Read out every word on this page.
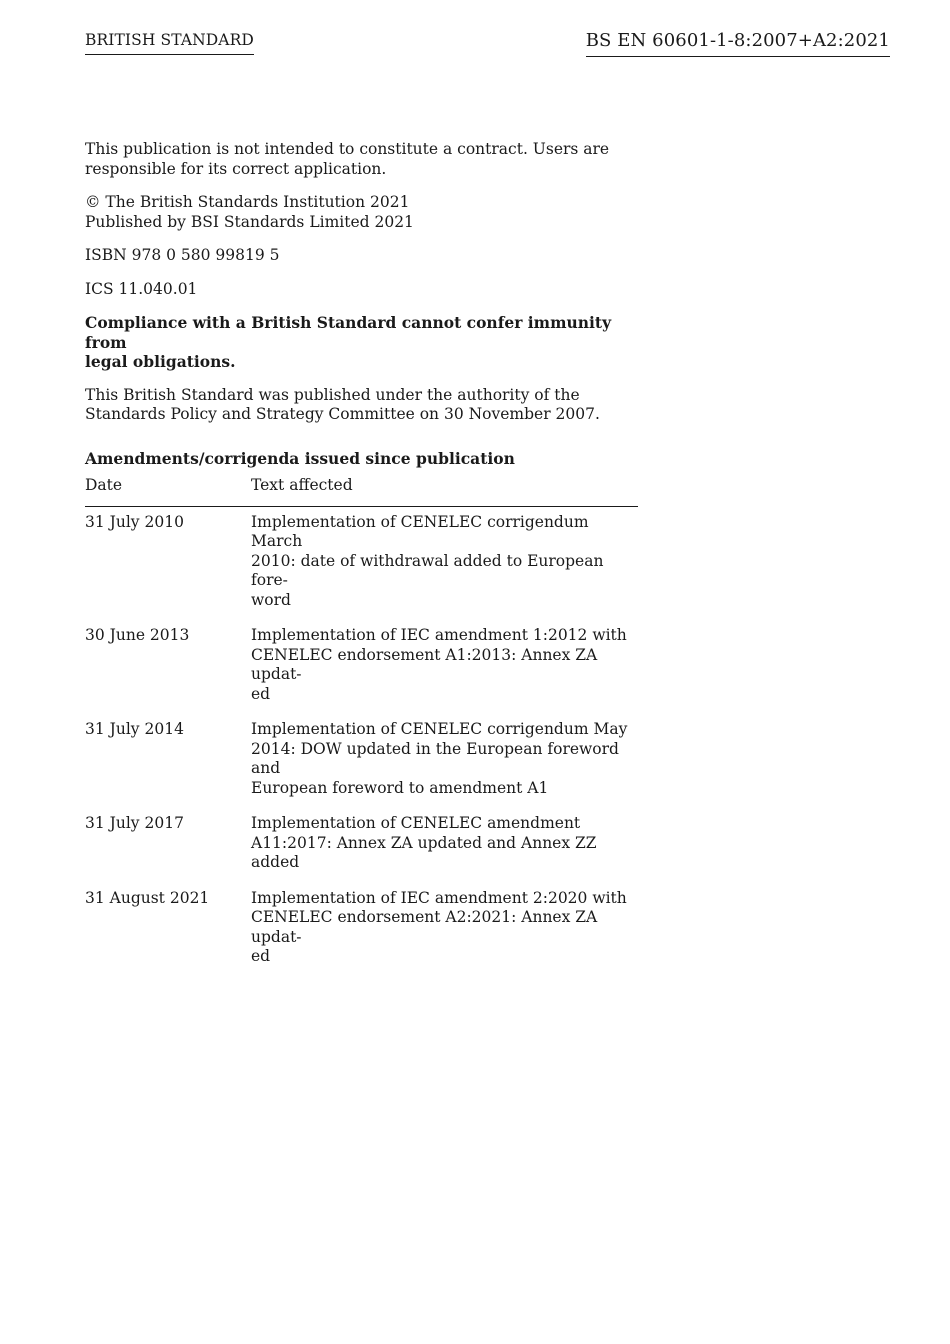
BRITISH STANDARD	BS EN 60601-1-8:2007+A2:2021

This publication is not intended to constitute a contract. Users are
responsible for its correct application.

© The British Standards Institution 2021
Published by BSI Standards Limited 2021

ISBN 978 0 580 99819 5

ICS 11.040.01

Compliance with a British Standard cannot confer immunity from
legal obligations.

This British Standard was published under the authority of the
Standards Policy and Strategy Committee on 30 November 2007.

Amendments/corrigenda issued since publication
Date	Text affected
31 July 2010	Implementation of CENELEC corrigendum March
2010: date of withdrawal added to European fore-
word
30 June 2013	Implementation of IEC amendment 1:2012 with
CENELEC endorsement A1:2013: Annex ZA updat-
ed
31 July 2014	Implementation of CENELEC corrigendum May
2014: DOW updated in the European foreword and
European foreword to amendment A1
31 July 2017	Implementation of CENELEC amendment
A11:2017: Annex ZA updated and Annex ZZ added
31 August 2021	Implementation of IEC amendment 2:2020 with
CENELEC endorsement A2:2021: Annex ZA updat-
ed
